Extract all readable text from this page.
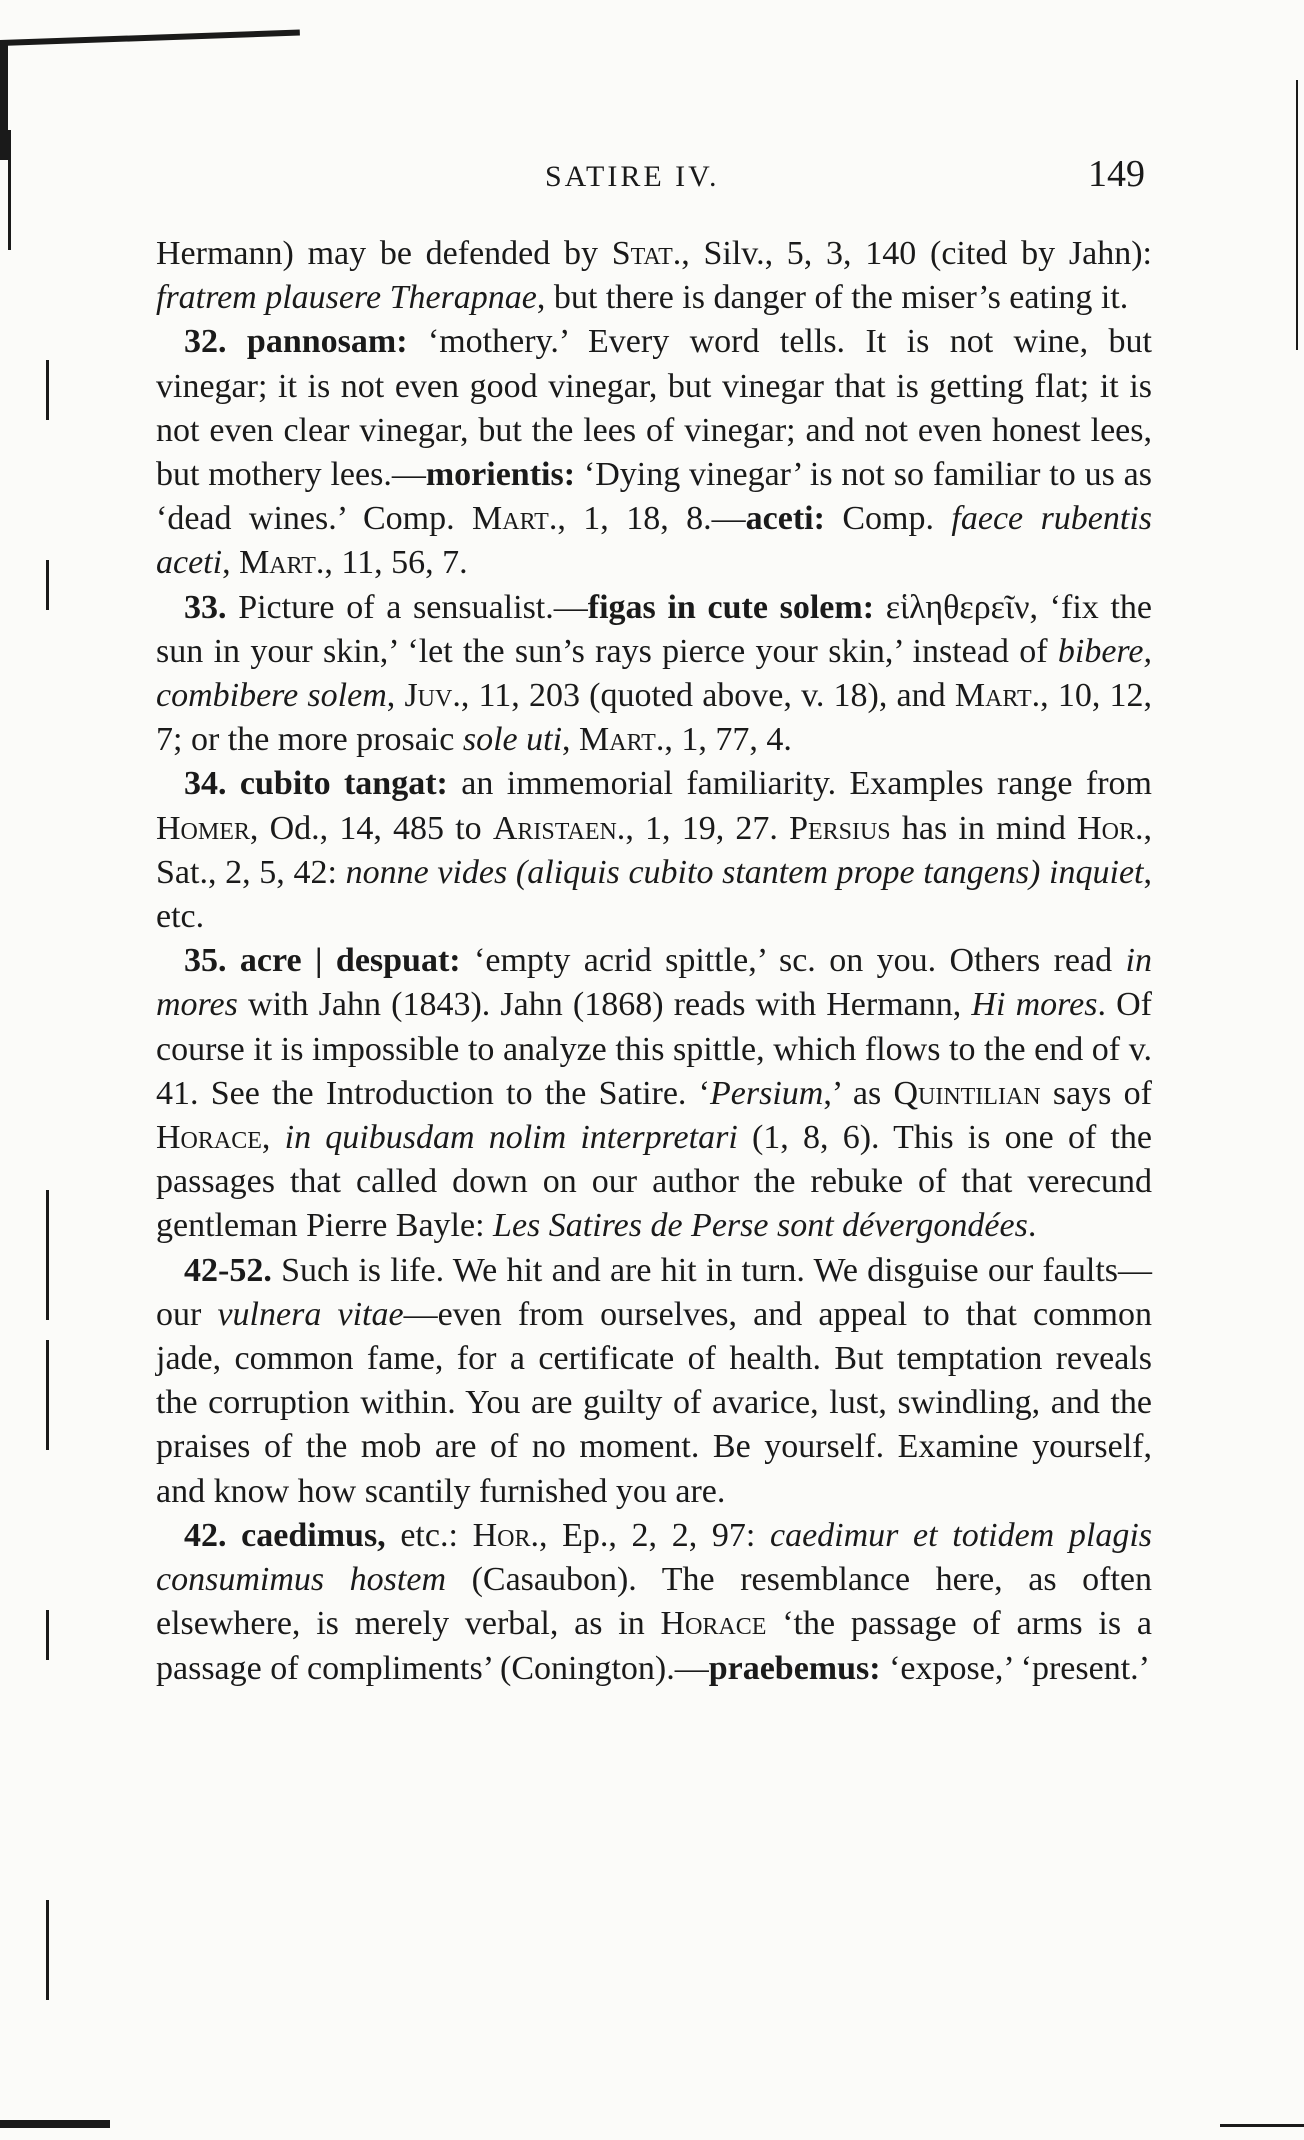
SATIRE IV.	149

Hermann) may be defended by Stat., Silv., 5, 3, 140 (cited by Jahn): fratrem plausere Therapnae, but there is danger of the miser’s eating it.

32. pannosam: ‘mothery.’ Every word tells. It is not wine, but vinegar; it is not even good vinegar, but vinegar that is getting flat; it is not even clear vinegar, but the lees of vinegar; and not even honest lees, but mothery lees.—morientis: ‘Dying vinegar’ is not so familiar to us as ‘dead wines.’ Comp. Mart., 1, 18, 8.—aceti: Comp. faece rubentis aceti, Mart., 11, 56, 7.

33. Picture of a sensualist.—figas in cute solem: εἱληθερεῖν, ‘fix the sun in your skin,’ ‘let the sun’s rays pierce your skin,’ instead of bibere, combibere solem, Juv., 11, 203 (quoted above, v. 18), and Mart., 10, 12, 7; or the more prosaic sole uti, Mart., 1, 77, 4.

34. cubito tangat: an immemorial familiarity. Examples range from Homer, Od., 14, 485 to Aristaen., 1, 19, 27. Persius has in mind Hor., Sat., 2, 5, 42: nonne vides (aliquis cubito stantem prope tangens) inquiet, etc.

35. acre | despuat: ‘empty acrid spittle,’ sc. on you. Others read in mores with Jahn (1843). Jahn (1868) reads with Hermann, Hi mores. Of course it is impossible to analyze this spittle, which flows to the end of v. 41. See the Introduction to the Satire. ‘Persium,’ as Quintilian says of Horace, in quibusdam nolim interpretari (1, 8, 6). This is one of the passages that called down on our author the rebuke of that verecund gentleman Pierre Bayle: Les Satires de Perse sont dévergondées.

42-52. Such is life. We hit and are hit in turn. We disguise our faults—our vulnera vitae—even from ourselves, and appeal to that common jade, common fame, for a certificate of health. But temptation reveals the corruption within. You are guilty of avarice, lust, swindling, and the praises of the mob are of no moment. Be yourself. Examine yourself, and know how scantily furnished you are.

42. caedimus, etc.: Hor., Ep., 2, 2, 97: caedimur et totidem plagis consumimus hostem (Casaubon). The resemblance here, as often elsewhere, is merely verbal, as in Horace ‘the passage of arms is a passage of compliments’ (Conington).—praebemus: ‘expose,’ ‘present.’
